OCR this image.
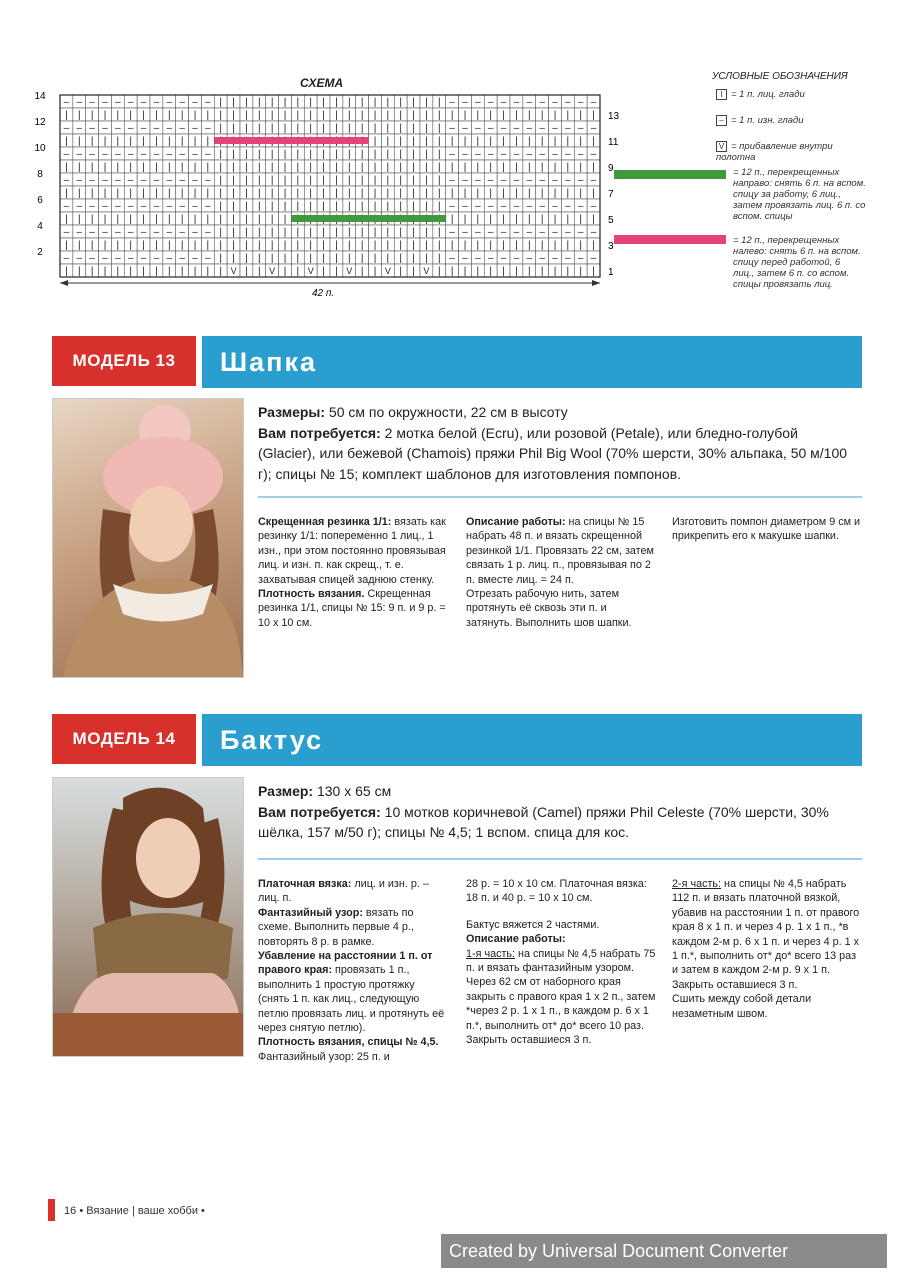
СХЕМА
– – – – – – – – – – – – | | | | | | | | | | | | | | | | | | – – – – – – – – – – – –
| | | | | | | | | | | | | | | | | | | | | | | | | | | | | | | | | | | | | | | | | |
– – – – – – – – – – – – | | | | | | | | | | | | | | | | | | – – – – – – – – – – – –
| | | | | | | | | | | |	| | | | | | | | | | | | | | | | | |
– – – – – – – – – – – – | | | | | | | | | | | | | | | | | | – – – – – – – – – – – –
| | | | | | | | | | | | | | | | | | | | | | | | | | | | | | | | | | | | | | | | | |
– – – – – – – – – – – – | | | | | | | | | | | | | | | | | | – – – – – – – – – – – –
| | | | | | | | | | | | | | | | | | | | | | | | | | | | | | | | | | | | | | | | | |
– – – – – – – – – – – – | | | | | | | | | | | | | | | | | | – – – – – – – – – – – –
| | | | | | | | | | | | | | | | | |	| | | | | | | | | | | |
– – – – – – – – – – – – | | | | | | | | | | | | | | | | | | – – – – – – – – – – – –
| | | | | | | | | | | | | | | | | | | | | | | | | | | | | | | | | | | | | | | | | |
– – – – – – – – – – – – | | | | | | | | | | | | | | | | | | – – – – – – – – – – – –
| | | | | | | | | | | | | V | | V | | V | | V | | V | | V | | | | | | | | | | | | |
14
12
10
8
6
4
2
13
11
9
7
5
3
1
42 п.
УСЛОВНЫЕ ОБОЗНАЧЕНИЯ
I = 1 п. лиц. глади
– = 1 п. изн. глади
V = прибавление внутри полотна
= 12 п., перекрещенных направо: снять 6 п. на вспом. спицу за работу, 6 лиц., затем провязать лиц. 6 п. со вспом. спицы
= 12 п., перекрещенных налево: снять 6 п. на вспом. спицу перед работой, 6 лиц., затем 6 п. со вспом. спицы провязать лиц.
МОДЕЛЬ 13	Шапка
Размеры: 50 см по окружности, 22 см в высоту
Вам потребуется: 2 мотка белой (Ecru), или розовой (Petale), или бледно-голубой (Glacier), или бежевой (Chamois) пряжи Phil Big Wool (70% шерсти, 30% альпака, 50 м/100 г); спицы № 15; комплект шаблонов для изготовления помпонов.

Скрещенная резинка 1/1: вязать как резинку 1/1: попеременно 1 лиц., 1 изн., при этом постоянно провязывая лиц. и изн. п. как скрещ., т. е. захватывая спицей заднюю стенку.

Плотность вязания. Скрещенная резинка 1/1, спицы № 15: 9 п. и 9 р. = 10 x 10 см.

Описание работы: на спицы № 15 набрать 48 п. и вязать скрещенной резинкой 1/1. Провязать 22 см, затем связать 1 р. лиц. п., провязывая по 2 п. вместе лиц. = 24 п.

Отрезать рабочую нить, затем протянуть её сквозь эти п. и затянуть. Выполнить шов шапки.

Изготовить помпон диаметром 9 см и прикрепить его к макушке шапки.

МОДЕЛЬ 14	Бактус
Размер: 130 x 65 см
Вам потребуется: 10 мотков коричневой (Camel) пряжи Phil Celeste (70% шерсти, 30% шёлка, 157 м/50 г); спицы № 4,5; 1 вспом. спица для кос.

Платочная вязка: лиц. и изн. р. – лиц. п.

Фантазийный узор: вязать по схеме. Выполнить первые 4 р., повторять 8 р. в рамке.

Убавление на расстоянии 1 п. от правого края: провязать 1 п., выполнить 1 простую протяжку (снять 1 п. как лиц., следующую петлю провязать лиц. и протянуть её через снятую петлю).

Плотность вязания, спицы № 4,5. Фантазийный узор: 25 п. и

28 р. = 10 x 10 см. Платочная вязка: 18 п. и 40 р. = 10 x 10 см.

Бактус вяжется 2 частями.

Описание работы:

1-я часть: на спицы № 4,5 набрать 75 п. и вязать фантазийным узором. Через 62 см от набoрного края закрыть с правого края 1 x 2 п., затем *через 2 р. 1 x 1 п., в каждом р. 6 x 1 п.*, выполнить от* до* всего 10 раз. Закрыть оставшиеся 3 п.

2-я часть: на спицы № 4,5 набрать 112 п. и вязать платочной вязкой, убавив на расстоянии 1 п. от правого края 8 x 1 п. и через 4 р. 1 x 1 п., *в каждом 2-м р. 6 x 1 п. и через 4 р. 1 x 1 п.*, выполнить от* до* всего 13 раз и затем в каждом 2-м р. 9 x 1 п. Закрыть оставшиеся 3 п.

Сшить между собой детали незаметным швом.

16 • Вязание | ваше хобби •
Created by Universal Document Converter
